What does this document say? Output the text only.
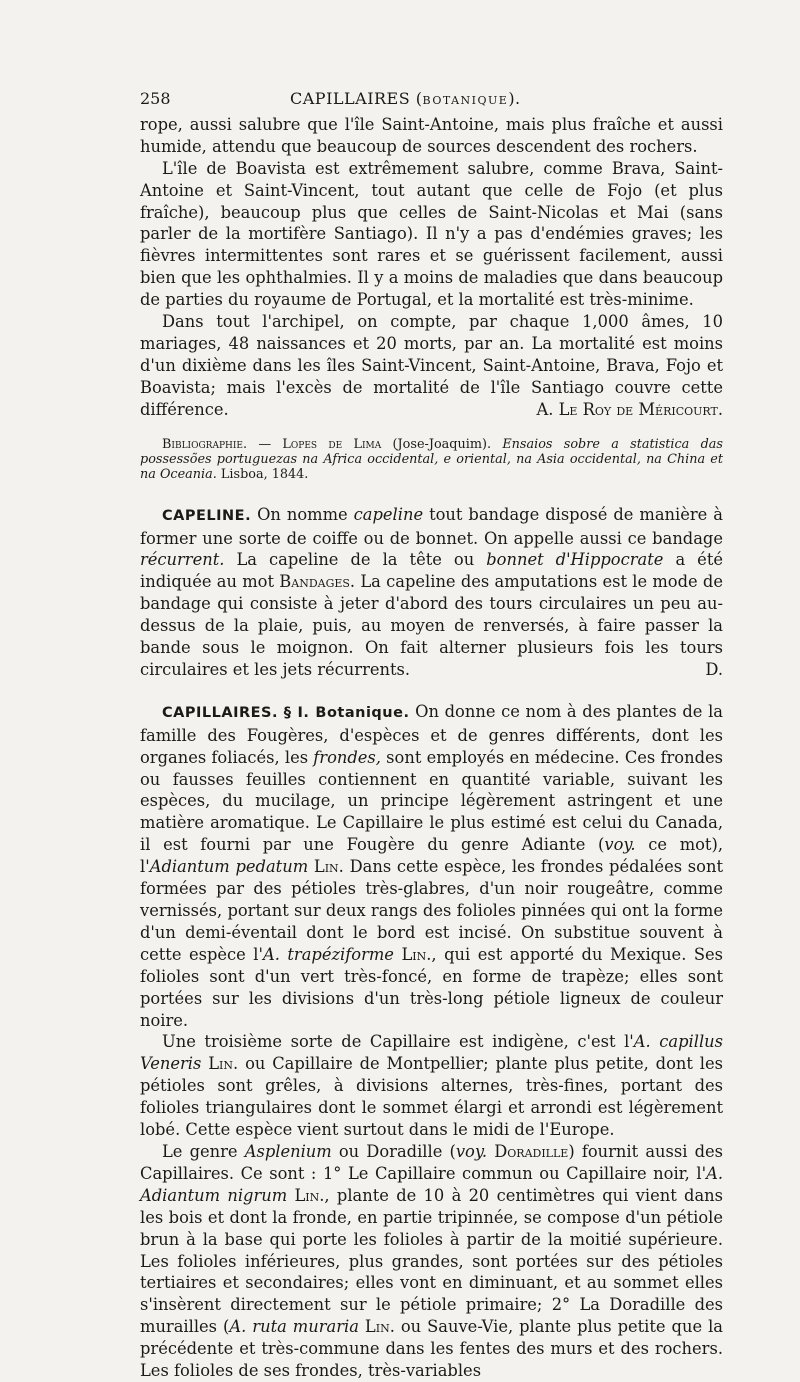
258	CAPILLAIRES (BOTANIQUE).

rope, aussi salubre que l'île Saint-Antoine, mais plus fraîche et aussi humide, attendu que beaucoup de sources descendent des rochers.

L'île de Boavista est extrêmement salubre, comme Brava, Saint-Antoine et Saint-Vincent, tout autant que celle de Fojo (et plus fraîche), beaucoup plus que celles de Saint-Nicolas et Mai (sans parler de la mortifère Santiago). Il n'y a pas d'endémies graves; les fièvres intermittentes sont rares et se guérissent facilement, aussi bien que les ophthalmies. Il y a moins de maladies que dans beaucoup de parties du royaume de Portugal, et la mortalité est très-minime.

Dans tout l'archipel, on compte, par chaque 1,000 âmes, 10 mariages, 48 naissances et 20 morts, par an. La mortalité est moins d'un dixième dans les îles Saint-Vincent, Saint-Antoine, Brava, Fojo et Boavista; mais l'excès de mortalité de l'île Santiago couvre cette différence.	A. Le Roy de Méricourt.

Bibliographie. — Lopes de Lima (Jose-Joaquim). Ensaios sobre a statistica das possessões portuguezas na Africa occidental, e oriental, na Asia occidental, na China et na Oceania. Lisboa, 1844.

CAPELINE. On nomme capeline tout bandage disposé de manière à former une sorte de coiffe ou de bonnet. On appelle aussi ce bandage récurrent. La capeline de la tête ou bonnet d'Hippocrate a été indiquée au mot Bandages. La capeline des amputations est le mode de bandage qui consiste à jeter d'abord des tours circulaires un peu au-dessus de la plaie, puis, au moyen de renversés, à faire passer la bande sous le moignon. On fait alterner plusieurs fois les tours circulaires et les jets récurrents.	D.

CAPILLAIRES. § I. Botanique. On donne ce nom à des plantes de la famille des Fougères, d'espèces et de genres différents, dont les organes foliacés, les frondes, sont employés en médecine. Ces frondes ou fausses feuilles contiennent en quantité variable, suivant les espèces, du mucilage, un principe légèrement astringent et une matière aromatique. Le Capillaire le plus estimé est celui du Canada, il est fourni par une Fougère du genre Adiante (voy. ce mot), l'Adiantum pedatum Lin. Dans cette espèce, les frondes pédalées sont formées par des pétioles très-glabres, d'un noir rougeâtre, comme vernissés, portant sur deux rangs des folioles pinnées qui ont la forme d'un demi-éventail dont le bord est incisé. On substitue souvent à cette espèce l'A. trapéziforme Lin., qui est apporté du Mexique. Ses folioles sont d'un vert très-foncé, en forme de trapèze; elles sont portées sur les divisions d'un très-long pétiole ligneux de couleur noire.

Une troisième sorte de Capillaire est indigène, c'est l'A. capillus Veneris Lin. ou Capillaire de Montpellier; plante plus petite, dont les pétioles sont grêles, à divisions alternes, très-fines, portant des folioles triangulaires dont le sommet élargi et arrondi est légèrement lobé. Cette espèce vient surtout dans le midi de l'Europe.

Le genre Asplenium ou Doradille (voy. Doradille) fournit aussi des Capillaires. Ce sont : 1° Le Capillaire commun ou Capillaire noir, l'A. Adiantum nigrum Lin., plante de 10 à 20 centimètres qui vient dans les bois et dont la fronde, en partie tripinnée, se compose d'un pétiole brun à la base qui porte les folioles à partir de la moitié supérieure. Les folioles inférieures, plus grandes, sont portées sur des pétioles tertiaires et secondaires; elles vont en diminuant, et au sommet elles s'insèrent directement sur le pétiole primaire; 2° La Doradille des murailles (A. ruta muraria Lin. ou Sauve-Vie, plante plus petite que la précédente et très-commune dans les fentes des murs et des rochers. Les folioles de ses frondes, très-variables
